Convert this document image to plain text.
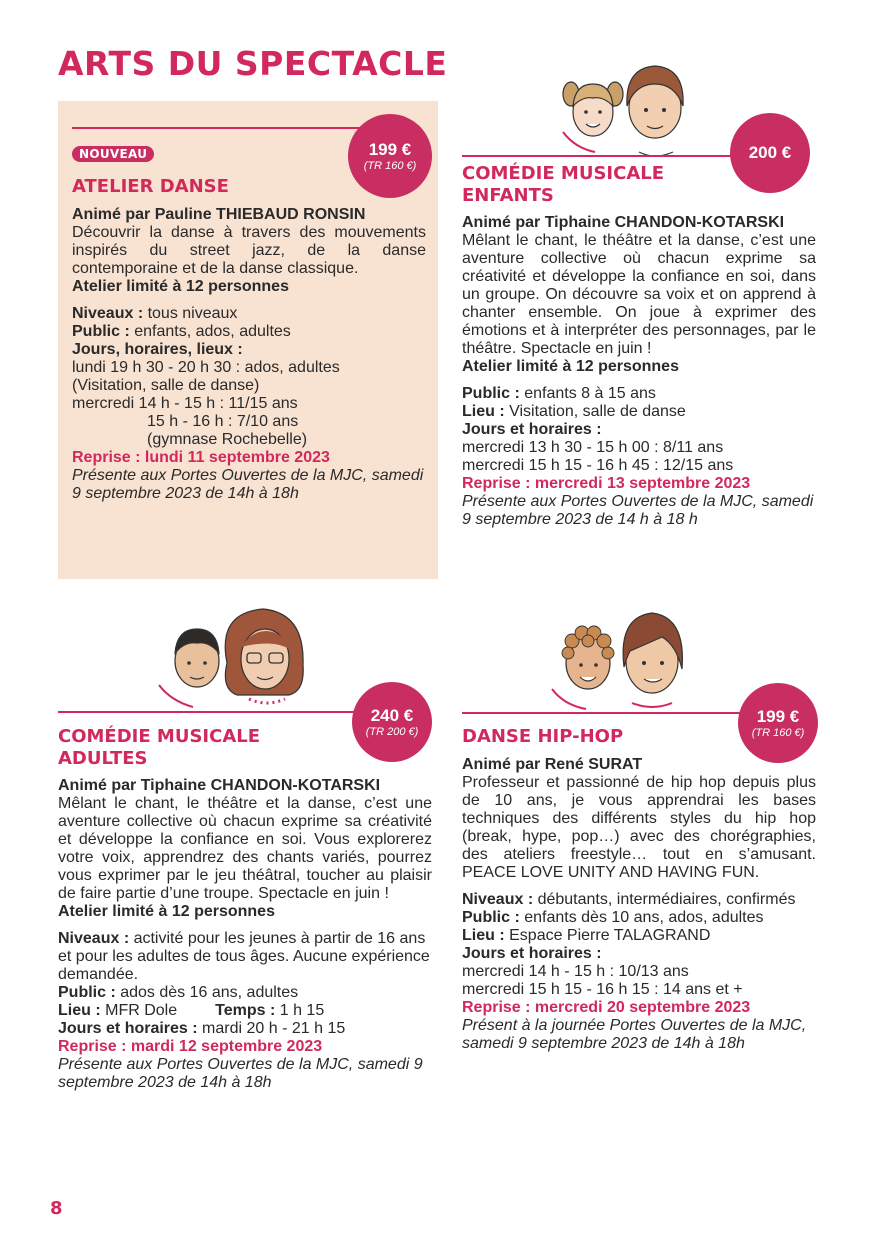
ARTS DU SPECTACLE
199 €
(TR 160 €)
NOUVEAU
ATELIER DANSE

Animé par Pauline THIEBAUD RONSIN

Découvrir la danse à travers des mouvements inspirés du street jazz, de la danse contemporaine et de la danse classique.

Atelier limité à 12 personnes

Niveaux : tous niveaux

Public : enfants, ados, adultes

Jours, horaires, lieux :

lundi 19 h 30 - 20 h 30 : ados, adultes

(Visitation, salle de danse)

mercredi 14 h - 15 h : 11/15 ans

15 h - 16 h : 7/10 ans

(gymnase Rochebelle)

Reprise : lundi 11 septembre 2023

Présente aux Portes Ouvertes de la MJC, samedi 9 septembre 2023 de 14h à 18h

200 €
COMÉDIE MUSICALE
ENFANTS

Animé par Tiphaine CHANDON-KOTARSKI

Mêlant le chant, le théâtre et la danse, c’est une aventure collective où chacun exprime sa créativité et développe la confiance en soi, dans un groupe. On découvre sa voix et on apprend à chanter ensemble. On joue à exprimer des émotions et à interpréter des personnages, par le théâtre. Spectacle en juin !

Atelier limité à 12 personnes

Public : enfants 8 à 15 ans

Lieu : Visitation, salle de danse

Jours et horaires :

mercredi 13 h 30 - 15 h 00 : 8/11 ans

mercredi 15 h 15 - 16 h 45 : 12/15 ans

Reprise : mercredi 13 septembre 2023

Présente aux Portes Ouvertes de la MJC, samedi 9 septembre 2023 de 14 h à 18 h

240 €
(TR 200 €)
COMÉDIE MUSICALE
ADULTES

Animé par Tiphaine CHANDON-KOTARSKI

Mêlant le chant, le théâtre et la danse, c’est une aventure collective où chacun exprime sa créativité et développe la confiance en soi. Vous explorerez votre voix, apprendrez des chants variés, pourrez vous exprimer par le jeu théâtral, toucher au plaisir de faire partie d’une troupe. Spectacle en juin !

Atelier limité à 12 personnes

Niveaux : activité pour les jeunes à partir de 16 ans et pour les adultes de tous âges. Aucune expérience demandée.

Public : ados dès 16 ans, adultes

Lieu : MFR Dole Temps : 1 h 15

Jours et horaires : mardi 20 h - 21 h 15

Reprise : mardi 12 septembre 2023

Présente aux Portes Ouvertes de la MJC, samedi 9 septembre 2023 de 14h à 18h

199 €
(TR 160 €)
DANSE HIP-HOP

Animé par René SURAT

Professeur et passionné de hip hop depuis plus de 10 ans, je vous apprendrai les bases techniques des différents styles du hip hop (break, hype, pop…) avec des chorégraphies, des ateliers freestyle… tout en s’amusant. PEACE LOVE UNITY AND HAVING FUN.

Niveaux : débutants, intermédiaires, confirmés

Public : enfants dès 10 ans, ados, adultes

Lieu : Espace Pierre TALAGRAND

Jours et horaires :

mercredi 14 h - 15 h : 10/13 ans

mercredi 15 h 15 - 16 h 15 : 14 ans et +

Reprise : mercredi 20 septembre 2023

Présent à la journée Portes Ouvertes de la MJC, samedi 9 septembre 2023 de 14h à 18h

8
